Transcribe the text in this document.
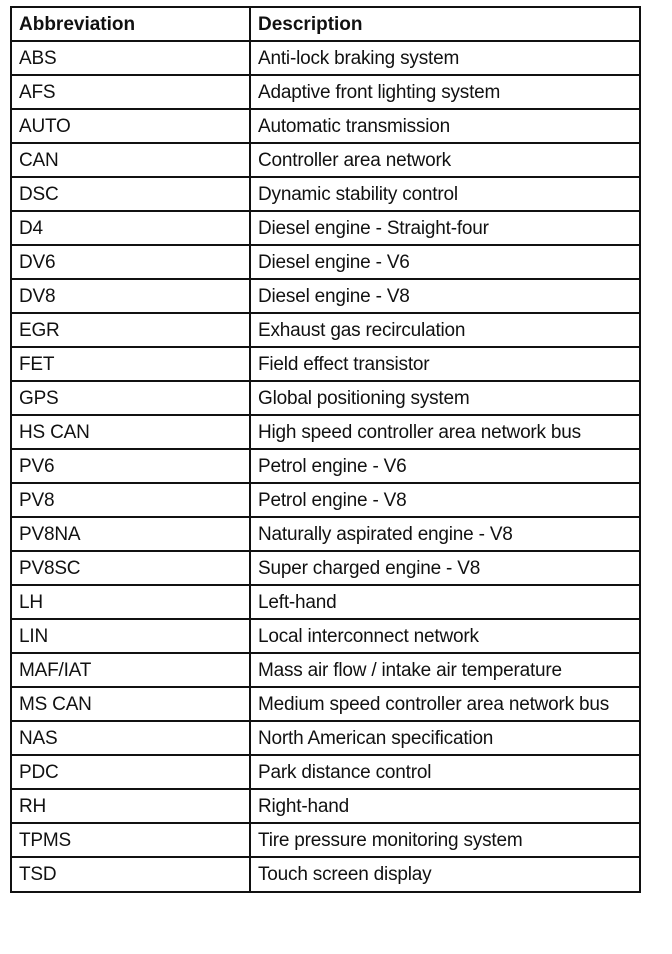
Abbreviation	Description
ABS	Anti-lock braking system
AFS	Adaptive front lighting system
AUTO	Automatic transmission
CAN	Controller area network
DSC	Dynamic stability control
D4	Diesel engine - Straight-four
DV6	Diesel engine - V6
DV8	Diesel engine - V8
EGR	Exhaust gas recirculation
FET	Field effect transistor
GPS	Global positioning system
HS CAN	High speed controller area network bus
PV6	Petrol engine - V6
PV8	Petrol engine - V8
PV8NA	Naturally aspirated engine - V8
PV8SC	Super charged engine - V8
LH	Left-hand
LIN	Local interconnect network
MAF/IAT	Mass air flow / intake air temperature
MS CAN	Medium speed controller area network bus
NAS	North American specification
PDC	Park distance control
RH	Right-hand
TPMS	Tire pressure monitoring system
TSD	Touch screen display
